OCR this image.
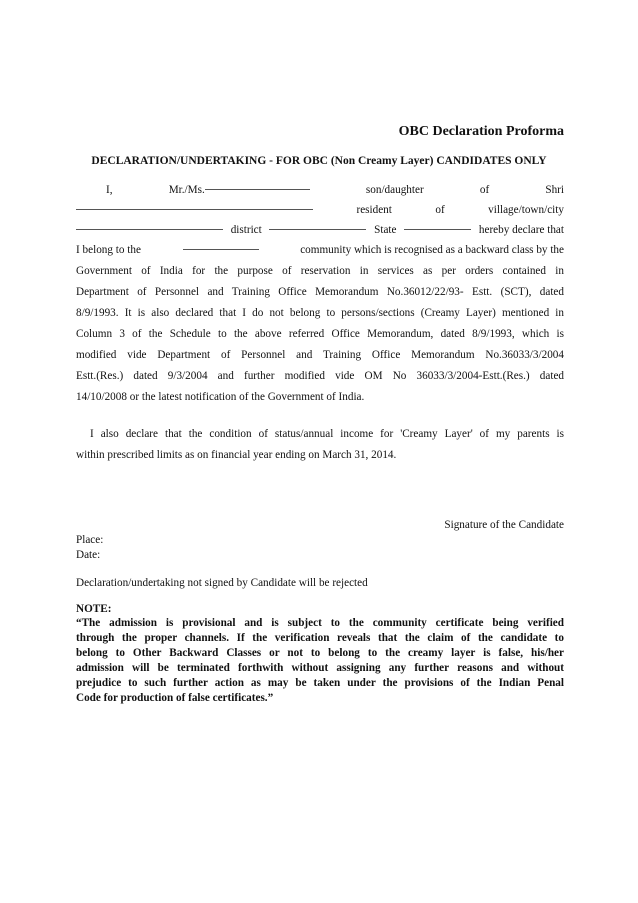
OBC Declaration Proforma
DECLARATION/UNDERTAKING - FOR OBC (Non Creamy Layer) CANDIDATES ONLY
I,	Mr./Ms.	son/daughter	of	Shri
resident	of	village/town/city
district	State	hereby declare that
I belong to the	community which is recognised as a backward class by the
Government of India for the purpose of reservation in services as per orders contained in
Department of Personnel and Training Office Memorandum No.36012/22/93- Estt. (SCT), dated
8/9/1993. It is also declared that I do not belong to persons/sections (Creamy Layer) mentioned in
Column 3 of the Schedule to the above referred Office Memorandum, dated 8/9/1993, which is
modified vide Department of Personnel and Training Office Memorandum No.36033/3/2004
Estt.(Res.) dated 9/3/2004 and further modified vide OM No 36033/3/2004-Estt.(Res.) dated
14/10/2008 or the latest notification of the Government of India.
I also declare that the condition of status/annual income for 'Creamy Layer' of my parents is
within prescribed limits as on financial year ending on March 31, 2014.
Signature of the Candidate
Place:
Date:
Declaration/undertaking not signed by Candidate will be rejected
NOTE:
“The admission is provisional and is subject to the community certificate being verified
through the proper channels. If the verification reveals that the claim of the candidate to
belong to Other Backward Classes or not to belong to the creamy layer is false, his/her
admission will be terminated forthwith without assigning any further reasons and without
prejudice to such further action as may be taken under the provisions of the Indian Penal
Code for production of false certificates.”
